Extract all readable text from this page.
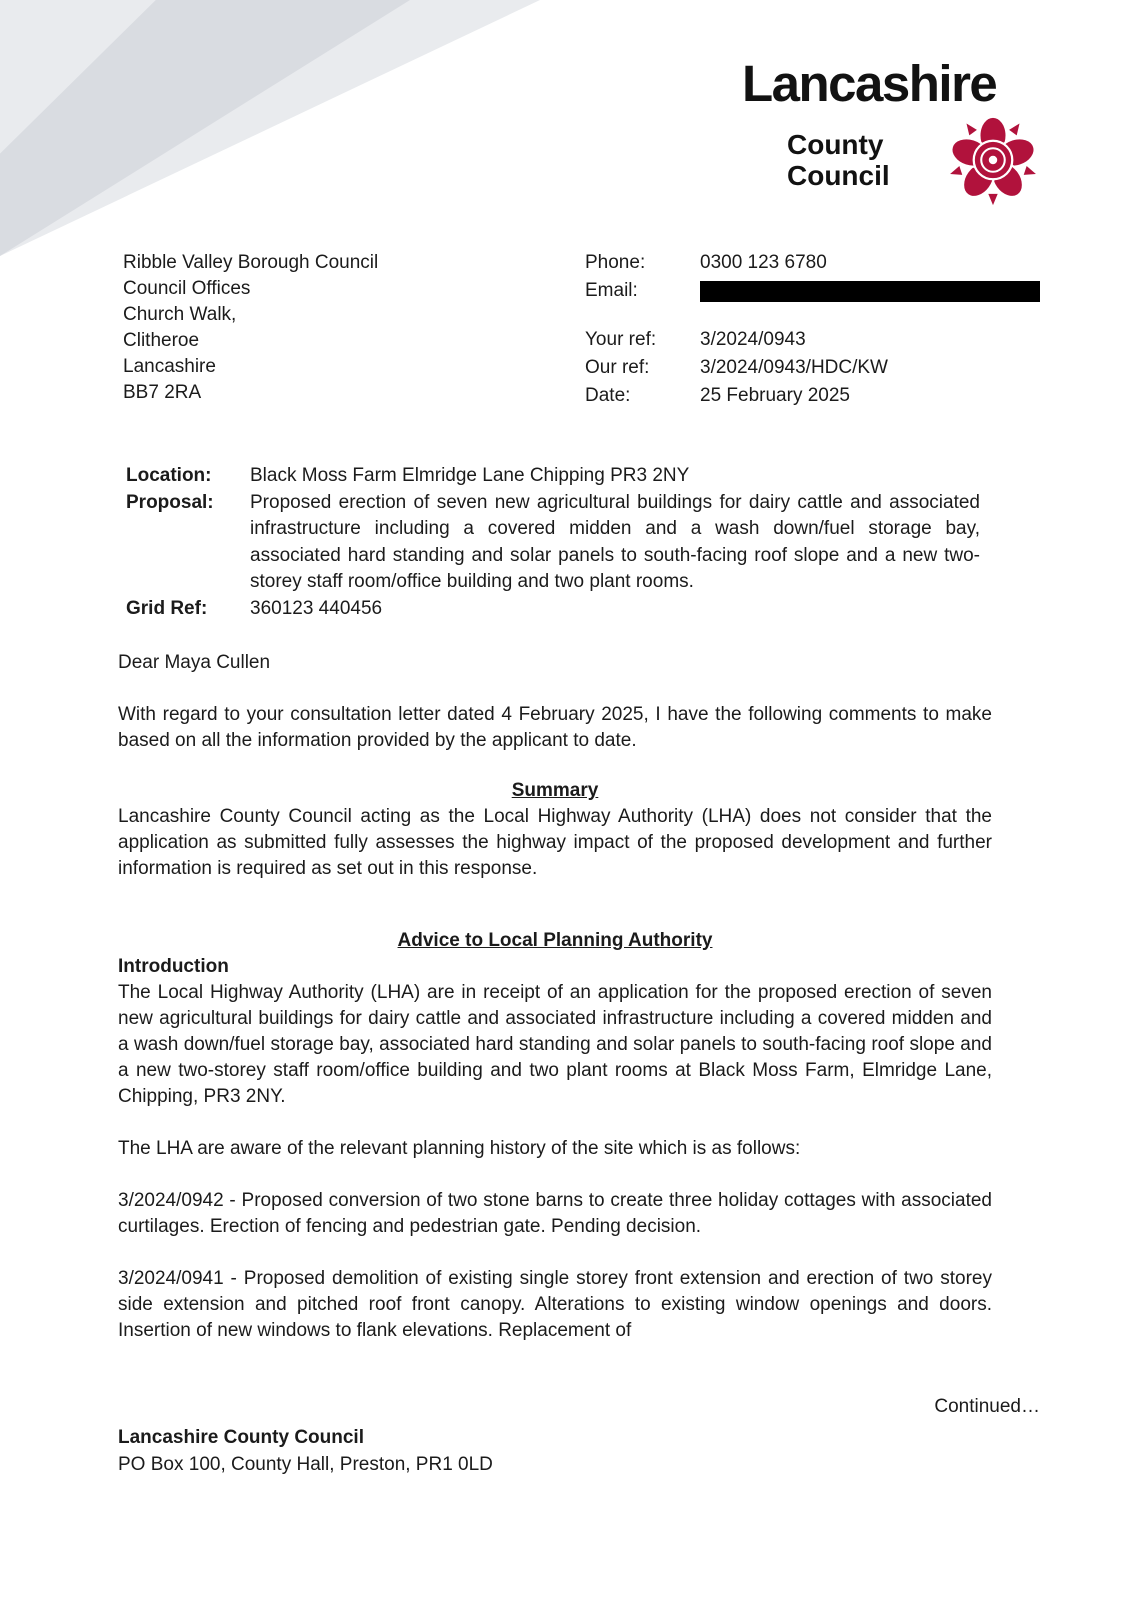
Lancashire
County
Council
Ribble Valley Borough Council
Council Offices
Church Walk,
Clitheroe
Lancashire
BB7 2RA
Phone:	0300 123 6780
Email:
Your ref:	3/2024/0943
Our ref:	3/2024/0943/HDC/KW
Date:	25 February 2025
Location:	Black Moss Farm Elmridge Lane Chipping PR3 2NY
Proposal:	Proposed erection of seven new agricultural buildings for dairy cattle and associated infrastructure including a covered midden and a wash down/fuel storage bay, associated hard standing and solar panels to south-facing roof slope and a new two-storey staff room/office building and two plant rooms.
Grid Ref:	360123 440456
Dear Maya Cullen
With regard to your consultation letter dated 4 February 2025, I have the following comments to make based on all the information provided by the applicant to date.
Summary
Lancashire County Council acting as the Local Highway Authority (LHA) does not consider that the application as submitted fully assesses the highway impact of the proposed development and further information is required as set out in this response.
Advice to Local Planning Authority
Introduction
The Local Highway Authority (LHA) are in receipt of an application for the proposed erection of seven new agricultural buildings for dairy cattle and associated infrastructure including a covered midden and a wash down/fuel storage bay, associated hard standing and solar panels to south-facing roof slope and a new two-storey staff room/office building and two plant rooms at Black Moss Farm, Elmridge Lane, Chipping, PR3 2NY.
The LHA are aware of the relevant planning history of the site which is as follows:
3/2024/0942 - Proposed conversion of two stone barns to create three holiday cottages with associated curtilages. Erection of fencing and pedestrian gate. Pending decision.
3/2024/0941 - Proposed demolition of existing single storey front extension and erection of two storey side extension and pitched roof front canopy. Alterations to existing window openings and doors. Insertion of new windows to flank elevations. Replacement of
Continued…
Lancashire County Council
PO Box 100, County Hall, Preston, PR1 0LD
